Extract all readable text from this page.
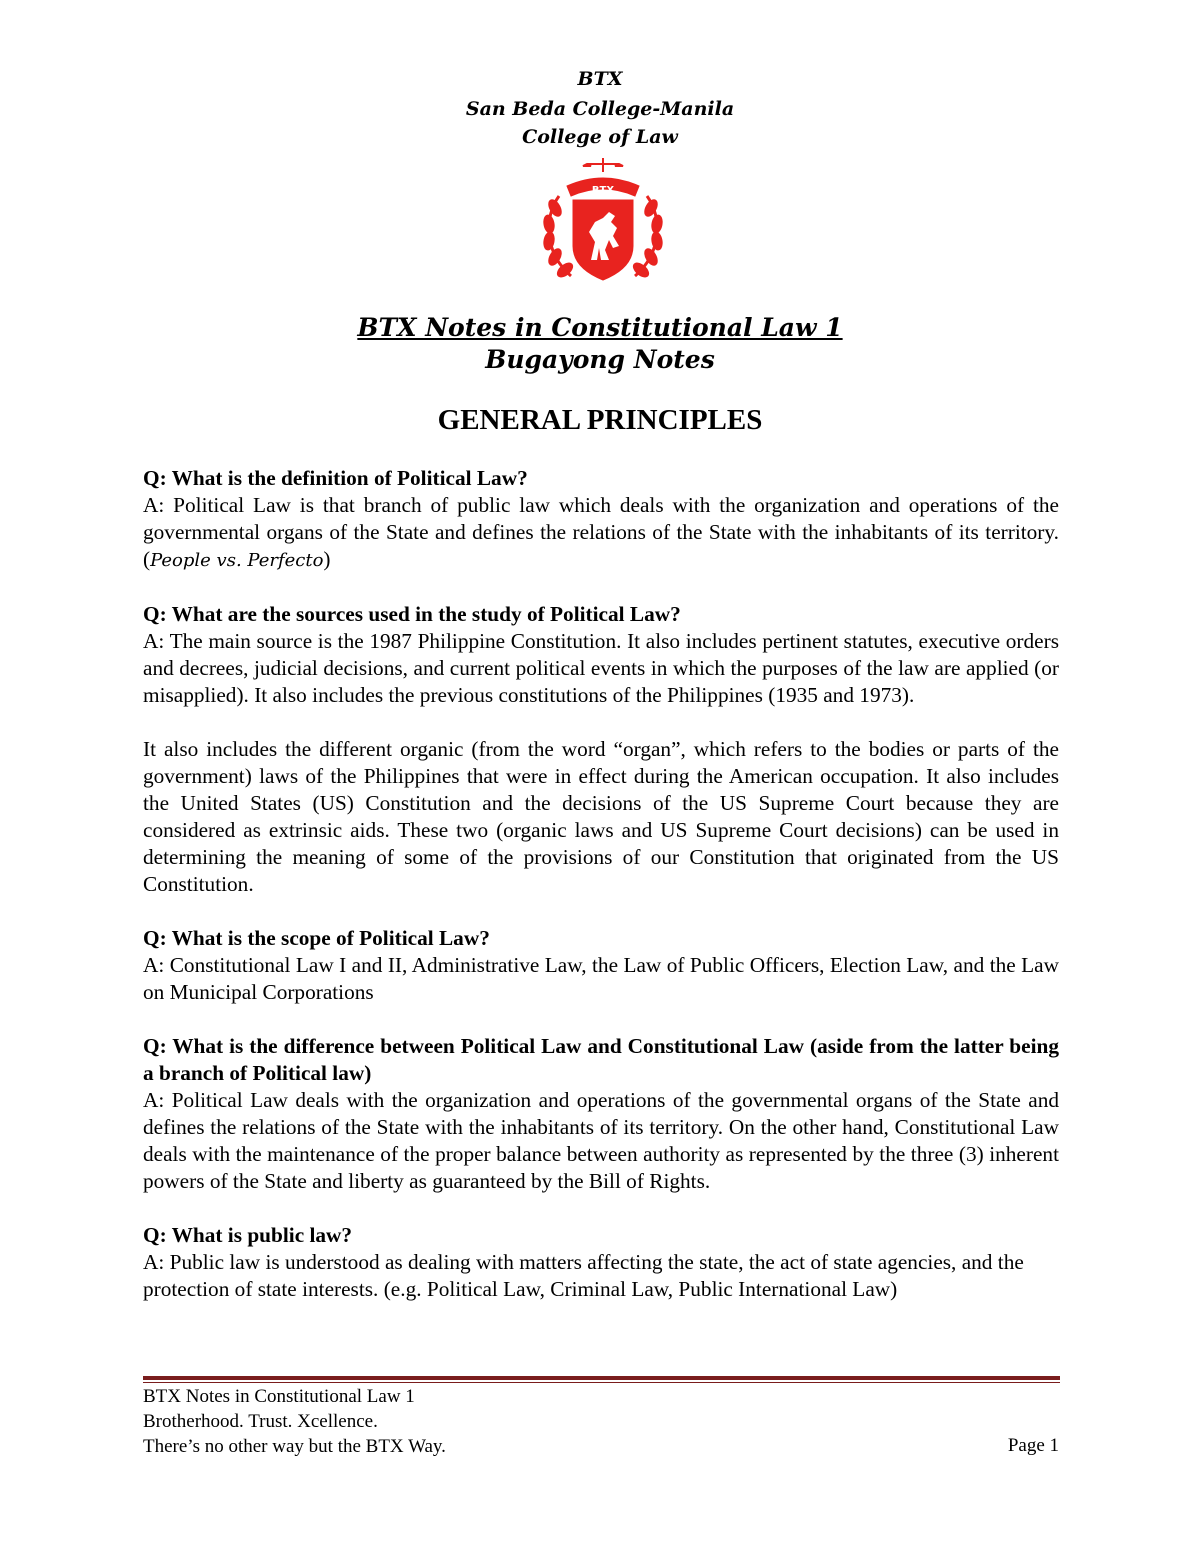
BTX
San Beda College-Manila
College of Law
BTX
BTX Notes in Constitutional Law 1
Bugayong Notes
GENERAL PRINCIPLES

Q: What is the definition of Political Law?

A: Political Law is that branch of public law which deals with the organization and operations of the governmental organs of the State and defines the relations of the State with the inhabitants of its territory. (People vs. Perfecto)

Q: What are the sources used in the study of Political Law?

A: The main source is the 1987 Philippine Constitution. It also includes pertinent statutes, executive orders and decrees, judicial decisions, and current political events in which the purposes of the law are applied (or misapplied). It also includes the previous constitutions of the Philippines (1935 and 1973).

It also includes the different organic (from the word “organ”, which refers to the bodies or parts of the government) laws of the Philippines that were in effect during the American occupation. It also includes the United States (US) Constitution and the decisions of the US Supreme Court because they are considered as extrinsic aids. These two (organic laws and US Supreme Court decisions) can be used in determining the meaning of some of the provisions of our Constitution that originated from the US Constitution.

Q: What is the scope of Political Law?

A: Constitutional Law I and II, Administrative Law, the Law of Public Officers, Election Law, and the Law on Municipal Corporations

Q: What is the difference between Political Law and Constitutional Law (aside from the latter being a branch of Political law)

A: Political Law deals with the organization and operations of the governmental organs of the State and defines the relations of the State with the inhabitants of its territory. On the other hand, Constitutional Law deals with the maintenance of the proper balance between authority as represented by the three (3) inherent powers of the State and liberty as guaranteed by the Bill of Rights.

Q: What is public law?

A: Public law is understood as dealing with matters affecting the state, the act of state agencies, and the protection of state interests. (e.g. Political Law, Criminal Law, Public International Law)

BTX Notes in Constitutional Law 1
Brotherhood. Trust. Xcellence.
There’s no other way but the BTX Way.	Page 1
